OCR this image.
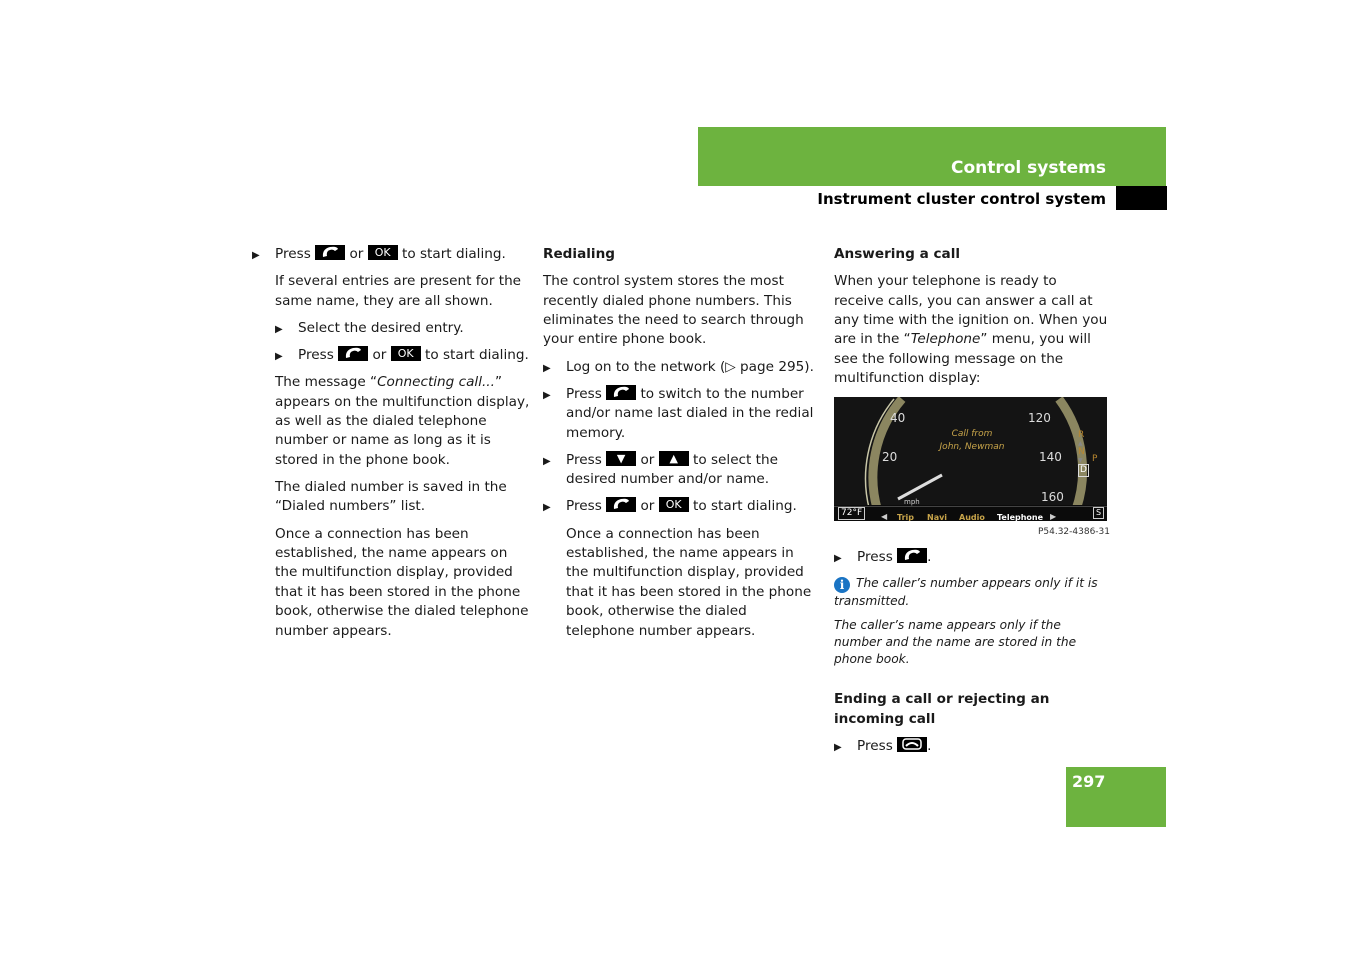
Control systems
Instrument cluster control system
▶ Press	or OK to start dialing.
If several entries are present for the same name, they are all shown.
▶ Select the desired entry.
▶ Press	or OK to start dialing.
The message “Connecting call...” appears on the multifunction display, as well as the dialed telephone number or name as long as it is stored in the phone book.
The dialed number is saved in the “Dialed numbers” list.
Once a connection has been established, the name appears on the multifunction display, provided that it has been stored in the phone book, otherwise the dialed telephone number appears.
Redialing
The control system stores the most recently dialed phone numbers. This eliminates the need to search through your entire phone book.
▶ Log on to the network (▷ page 295).
▶ Press	to switch to the number and/or name last dialed in the redial memory.
▶ Press ▼ or ▲ to select the desired number and/or name.
▶ Press	or OK to start dialing.
Once a connection has been established, the name appears in the multifunction display, provided that it has been stored in the phone book, otherwise the dialed telephone number appears.
Answering a call
When your telephone is ready to receive calls, you can answer a call at any time with the ignition on. When you are in the “Telephone” menu, you will see the following message on the multifunction display:
40
20
120
140
160
mph
Call from
John, Newman
R
▲
N
▼
D
P
72°F	◀ Trip Navi Audio Telephone ▶	S
P54.32-4386-31
▶ Press	.
i The caller’s number appears only if it is transmitted.
The caller’s name appears only if the number and the name are stored in the phone book.
Ending a call or rejecting an incoming call
▶ Press	.
297
